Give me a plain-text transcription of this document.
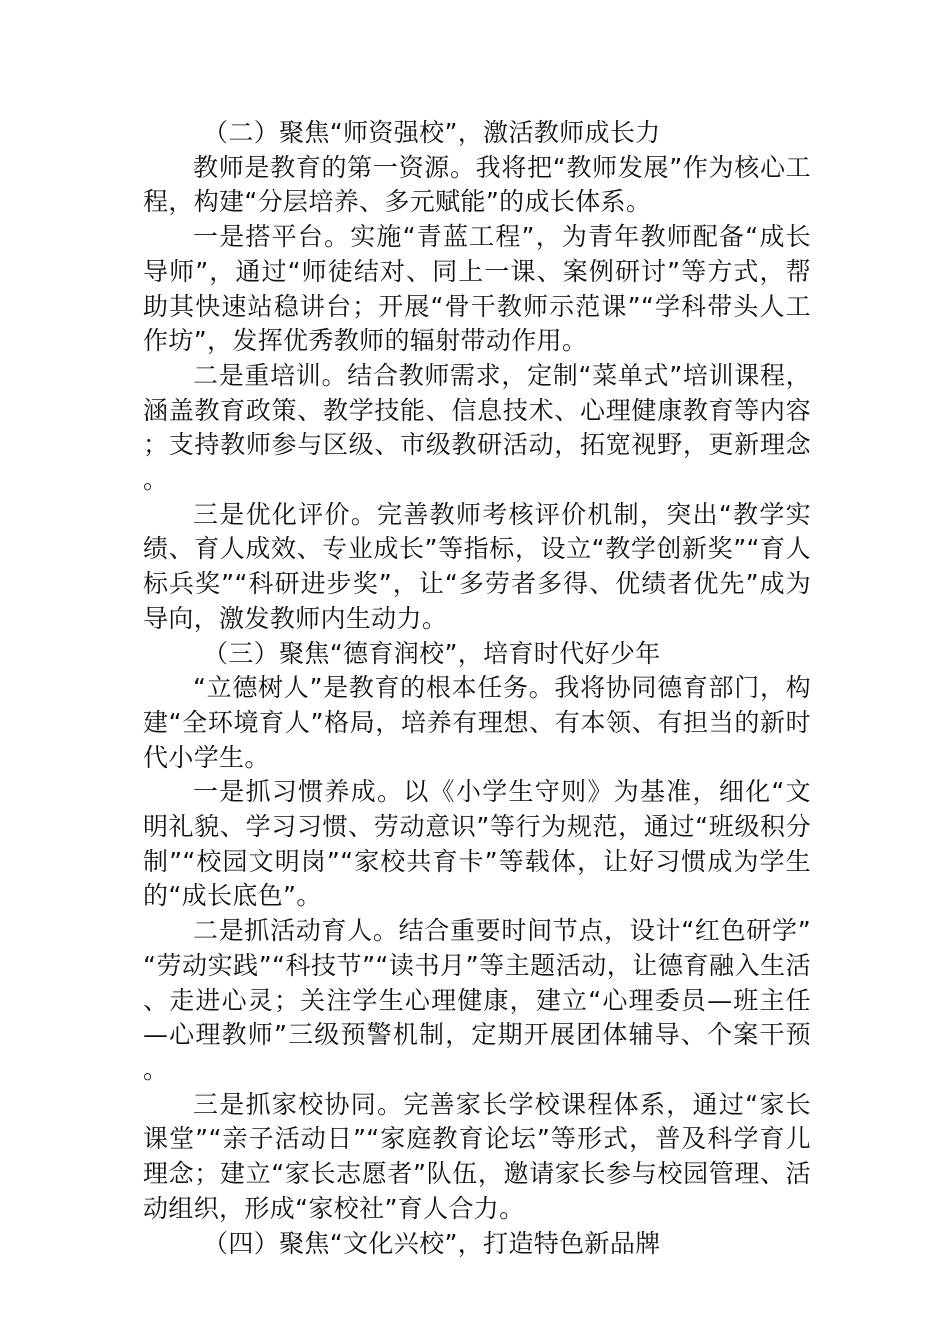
（二）聚焦“师资强校”，激活教师成长力

教师是教育的第一资源。我将把“教师发展”作为核心工程，构建“分层培养、多元赋能”的成长体系。

一是搭平台。实施“青蓝工程”，为青年教师配备“成长导师”，通过“师徒结对、同上一课、案例研讨”等方式，帮助其快速站稳讲台；开展“骨干教师示范课”“学科带头人工作坊”，发挥优秀教师的辐射带动作用。

二是重培训。结合教师需求，定制“菜单式”培训课程，涵盖教育政策、教学技能、信息技术、心理健康教育等内容；支持教师参与区级、市级教研活动，拓宽视野，更新理念。

三是优化评价。完善教师考核评价机制，突出“教学实绩、育人成效、专业成长”等指标，设立“教学创新奖”“育人标兵奖”“科研进步奖”，让“多劳者多得、优绩者优先”成为导向，激发教师内生动力。

（三）聚焦“德育润校”，培育时代好少年

“立德树人”是教育的根本任务。我将协同德育部门，构建“全环境育人”格局，培养有理想、有本领、有担当的新时代小学生。

一是抓习惯养成。以《小学生守则》为基准，细化“文明礼貌、学习习惯、劳动意识”等行为规范，通过“班级积分制”“校园文明岗”“家校共育卡”等载体，让好习惯成为学生的“成长底色”。

二是抓活动育人。结合重要时间节点，设计“红色研学”“劳动实践”“科技节”“读书月”等主题活动，让德育融入生活、走进心灵；关注学生心理健康，建立“心理委员—班主任—心理教师”三级预警机制，定期开展团体辅导、个案干预。

三是抓家校协同。完善家长学校课程体系，通过“家长课堂”“亲子活动日”“家庭教育论坛”等形式，普及科学育儿理念；建立“家长志愿者”队伍，邀请家长参与校园管理、活动组织，形成“家校社”育人合力。

（四）聚焦“文化兴校”，打造特色新品牌
